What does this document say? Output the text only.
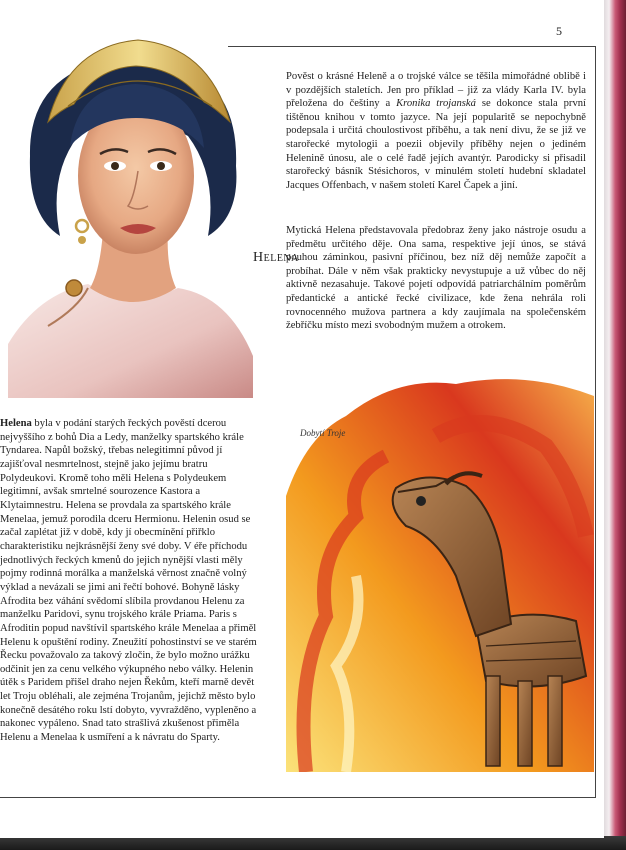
5

Pověst o krásné Heleně a o trojské válce se těšila mimořádné oblibě i v pozdějších staletích. Jen pro příklad – již za vlády Karla IV. byla přeložena do češtiny a Kronika trojanská se dokonce stala první tištěnou knihou v tomto jazyce. Na její popularitě se nepochybně podepsala i určitá choulostivost příběhu, a tak není divu, že se již ve starořecké mytologii a poezii objevily příběhy nejen o jediném Helenině únosu, ale o celé řadě jejích avantýr. Parodicky si přisadil starořecký básník Stésichoros, v minulém století hudební skladatel Jacques Offenbach, v našem století Karel Čapek a jiní.

Helena

Mytická Helena představovala předobraz ženy jako nástroje osudu a předmětu určitého děje. Ona sama, respektive její únos, se stává pouhou záminkou, pasivní příčinou, bez níž děj nemůže započít a probíhat. Dále v něm však prakticky nevystupuje a už vůbec do něj aktivně nezasahuje. Takové pojetí odpovídá patriarchálním poměrům předantické a antické řecké civilizace, kde žena nehrála roli rovnocenného mužova partnera a kdy zaujímala na společenském žebříčku místo mezi svobodným mužem a otrokem.

Dobytí Troje

Helena byla v podání starých řeckých pověstí dcerou nejvyššího z bohů Dia a Ledy, manželky spartského krále Tyndarea. Napůl božský, třebas nelegitimní původ jí zajišťoval nesmrtelnost, stejně jako jejímu bratru Polydeukovi. Kromě toho měli Helena s Polydeukem legitimní, avšak smrtelné sourozence Kastora a Klytaimnestru. Helena se provdala za spartského krále Menelaa, jemuž porodila dceru Hermionu. Helenin osud se začal zaplétat již v době, kdy jí obecmínění přiřklo charakteristiku nejkrásnější ženy své doby. V éře příchodu jednotlivých řeckých kmenů do jejich nynější vlasti měly pojmy rodinná morálka a manželská věrnost značně volný výklad a nevázali se jimi ani řečtí bohové. Bohyně lásky Afrodita bez váhání svědomí slíbila provdanou Helenu za manželku Paridovi, synu trojského krále Priama. Paris s Afroditin popud navštívil spartského krále Menelaa a přiměl Helenu k opuštění rodiny. Zneužití pohostinství se ve starém Řecku považovalo za takový zločin, že bylo možno urážku odčinit jen za cenu velkého výkupného nebo války. Helenin útěk s Paridem přišel draho nejen Řekům, kteří marně devět let Troju obléhali, ale zejména Trojanům, jejichž město bylo konečně desátého roku lstí dobyto, vyvražděno, vypleněno a nakonec vypáleno. Snad tato strašlivá zkušenost přiměla Helenu a Menelaa k usmíření a k návratu do Sparty.
